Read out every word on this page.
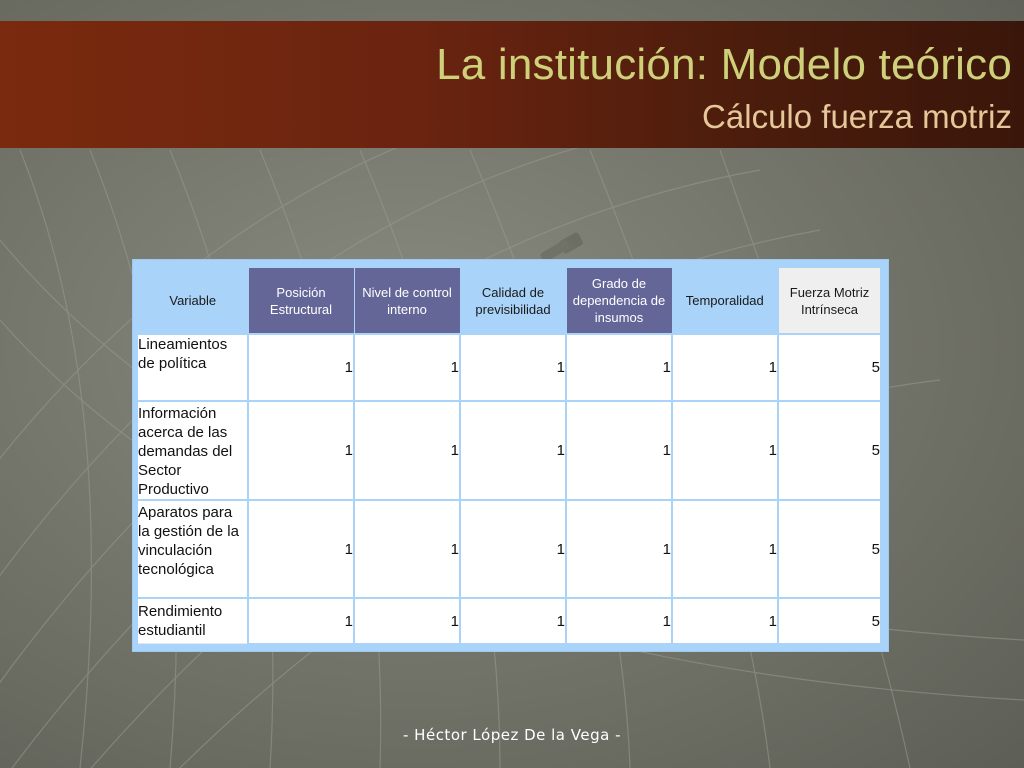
La institución: Modelo teórico
Cálculo fuerza motriz
Variable	Posición Estructural	Nivel de control interno	Calidad de previsibilidad	Grado de dependencia de insumos	Temporalidad	Fuerza Motriz Intrínseca
Lineamientos de política	1	1	1	1	1	5
Información acerca de las demandas del Sector Productivo	1	1	1	1	1	5
Aparatos para la gestión de la vinculación tecnológica	1	1	1	1	1	5
Rendimiento estudiantil	1	1	1	1	1	5
- Héctor López De la Vega -
